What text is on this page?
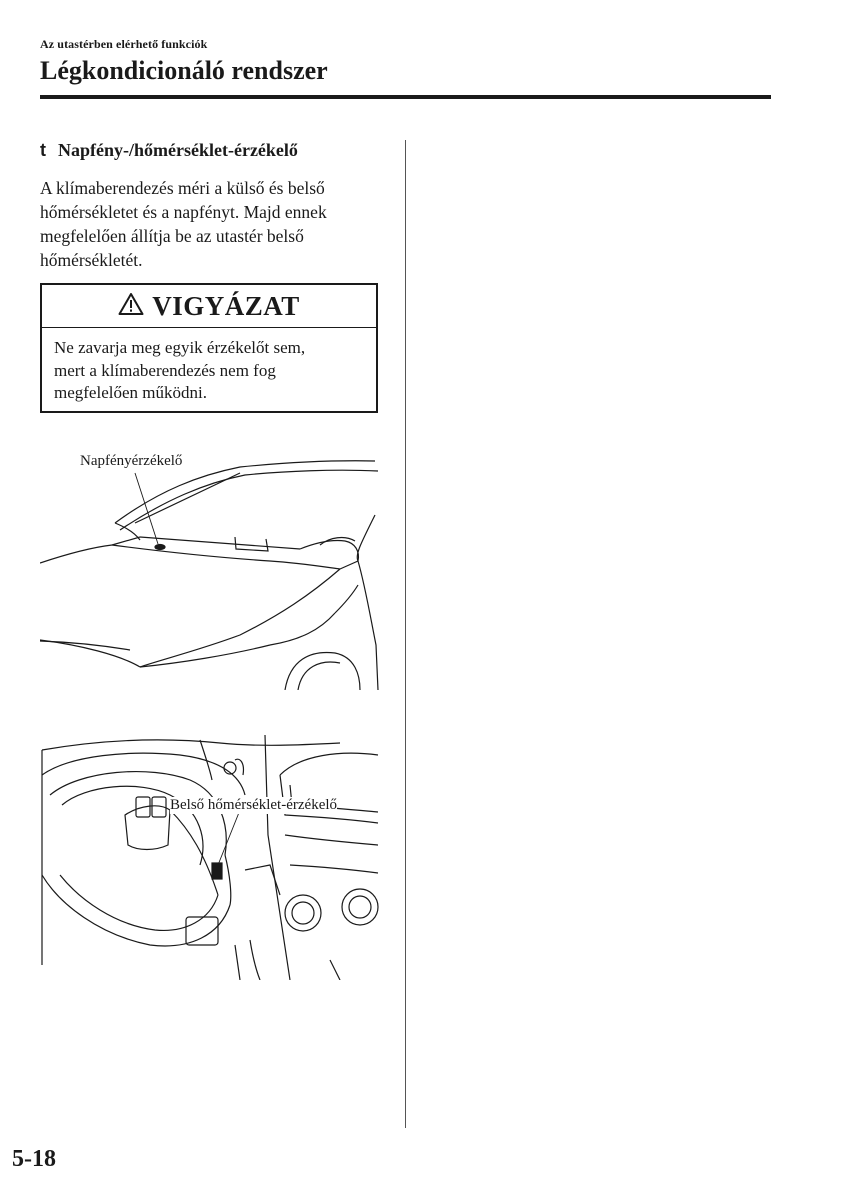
Az utastérben elérhető funkciók
Légkondicionáló rendszer
t Napfény-/hőmérséklet-érzékelő
A klímaberendezés méri a külső és belső
hőmérsékletet és a napfényt. Majd ennek
megfelelően állítja be az utastér belső
hőmérsékletét.
VIGYÁZAT
Ne zavarja meg egyik érzékelőt sem,
mert a klímaberendezés nem fog
megfelelően működni.
Napfényérzékelő
Belső hőmérséklet-érzékelő
5-18
